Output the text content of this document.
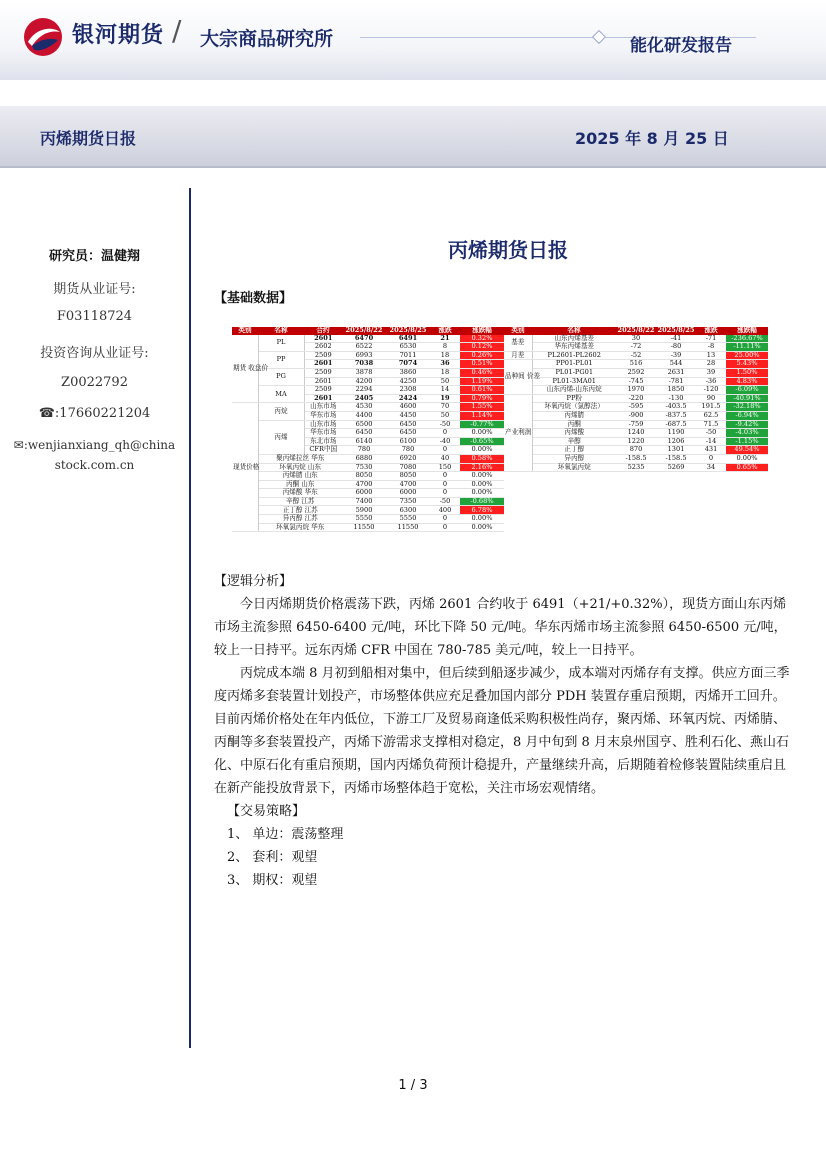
银河期货 / 大宗商品研究所	能化研发报告
丙烯期货日报	2025 年 8 月 25 日
研究员：温健翔
期货从业证号:
F03118724
投资咨询从业证号:
Z0022792
☎:17660221204
✉:wenjianxiang_qh@china
stock.com.cn
丙烯期货日报
【基础数据】
类别	名称	合约	2025/8/22	2025/8/25	涨跌	涨跌幅
期货 收盘价	PL	2601	6470	6491	21	0.32%
		2602	6522	6530	8	0.12%
	PP	2509	6993	7011	18	0.26%
		2601	7038	7074	36	0.51%
	PG	2509	3878	3860	18	0.46%
		2601	4200	4250	50	1.19%
	MA	2509	2294	2308	14	0.61%
		2601	2405	2424	19	0.79%
现货价格	丙烷	山东市场	4530	4600	70	1.55%
		华东市场	4400	4450	50	1.14%
	丙烯	山东市场	6500	6450	-50	-0.77%
		华东市场	6450	6450	0	0.00%
		东北市场	6140	6100	-40	-0.65%
		CFR中国	780	780	0	0.00%
	聚丙烯拉丝 华东		6880	6920	40	0.58%
	环氧丙烷 山东		7530	7080	150	2.16%
	丙烯腈 山东		8050	8050	0	0.00%
	丙酮 山东		4700	4700	0	0.00%
	丙烯酸 华东		6000	6000	0	0.00%
	辛醇 江苏		7400	7350	-50	-0.68%
	正丁醇 江苏		5900	6300	400	6.78%
	异丙醇 江苏		5550	5550	0	0.00%
	环氧氯丙烷 华东		11550	11550	0	0.00%
类别	名称	2025/8/22	2025/8/25	涨跌	涨跌幅
基差	山东丙烯基差	30	-41	-71	-236.67%
	华东丙烯基差	-72	-80	-8	-11.11%
月差	PL2601-PL2602	-52	-39	13	25.00%
品种间 价差	PP01-PL01	516	544	28	5.43%
	PL01-PG01	2592	2631	39	1.50%
	PL01-3MA01	-745	-781	-36	4.83%
	山东丙烯-山东丙烷	1970	1850	-120	-6.09%
产业利润	PP粉	-220	-130	90	-40.91%
	环氧丙烷（氯醇法）	-595	-403.5	191.5	-32.18%
	丙烯腈	-900	-837.5	62.5	-6.94%
	丙酮	-759	-687.5	71.5	-9.42%
	丙烯酸	1240	1190	-50	-4.03%
	辛醇	1220	1206	-14	-1.15%
	正丁醇	870	1301	431	49.54%
	异丙醇	-158.5	-158.5	0	0.00%
	环氧氯丙烷	5235	5269	34	0.65%

【逻辑分析】

今日丙烯期货价格震荡下跌，丙烯 2601 合约收于 6491（+21/+0.32%），现货方面山东丙烯市场主流参照 6450-6400 元/吨，环比下降 50 元/吨。华东丙烯市场主流参照 6450-6500 元/吨，较上一日持平。远东丙烯 CFR 中国在 780-785 美元/吨，较上一日持平。

丙烷成本端 8 月初到船相对集中，但后续到船逐步减少，成本端对丙烯存有支撑。供应方面三季度丙烯多套装置计划投产，市场整体供应充足叠加国内部分 PDH 装置存重启预期，丙烯开工回升。目前丙烯价格处在年内低位，下游工厂及贸易商逢低采购积极性尚存，聚丙烯、环氧丙烷、丙烯腈、丙酮等多套装置投产，丙烯下游需求支撑相对稳定，8 月中旬到 8 月末泉州国亨、胜利石化、燕山石化、中原石化有重启预期，国内丙烯负荷预计稳提升，产量继续升高，后期随着检修装置陆续重启且在新产能投放背景下，丙烯市场整体趋于宽松，关注市场宏观情绪。

【交易策略】

1、 单边：震荡整理

2、 套利：观望

3、 期权：观望

1 / 3
